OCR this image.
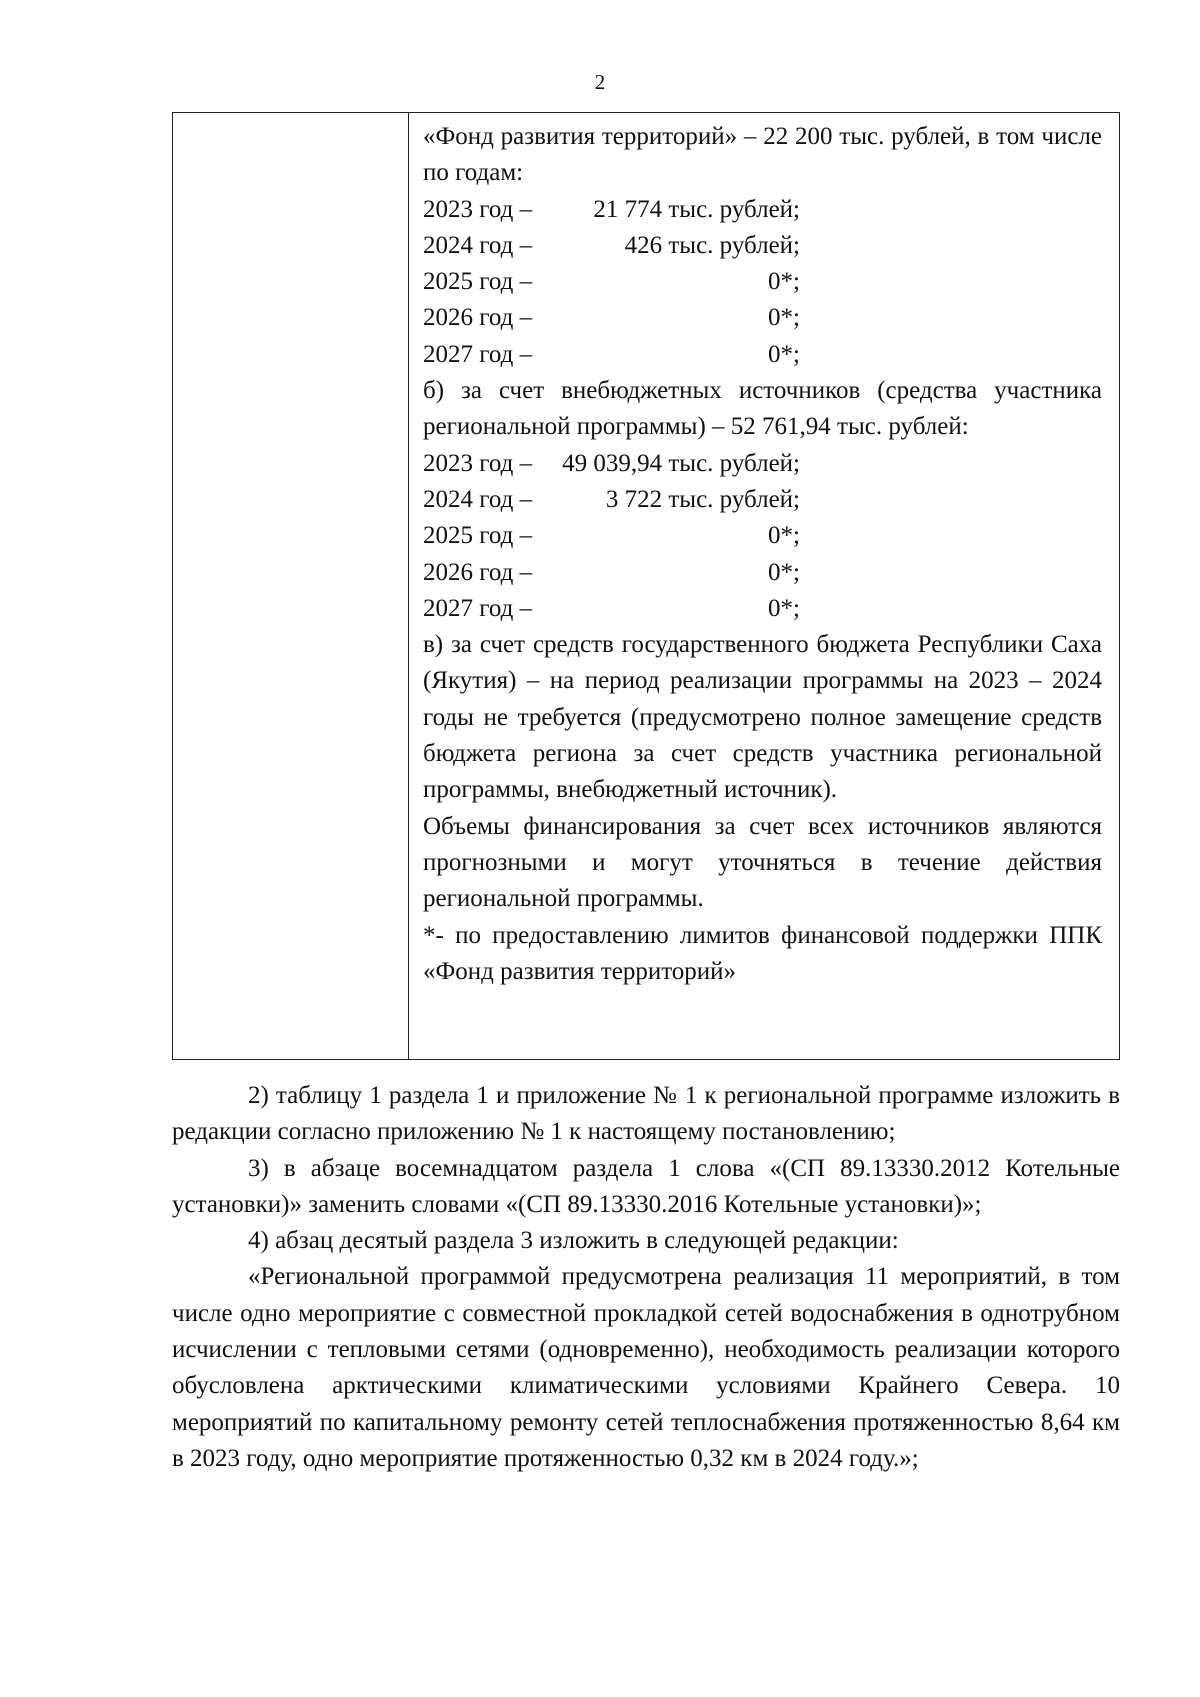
2
«Фонд развития территорий» – 22 200 тыс. рублей, в том числе по годам:
2023 год –	21 774 тыс. рублей;
2024 год –	426 тыс. рублей;
2025 год –	0*;
2026 год –	0*;
2027 год –	0*;
б) за счет внебюджетных источников (средства участника региональной программы) – 52 761,94 тыс. рублей:
2023 год –	49 039,94 тыс. рублей;
2024 год –	3 722 тыс. рублей;
2025 год –	0*;
2026 год –	0*;
2027 год –	0*;
в) за счет средств государственного бюджета Республики Саха (Якутия) – на период реализации программы на 2023 – 2024 годы не требуется (предусмотрено полное замещение средств бюджета региона за счет средств участника региональной программы, внебюджетный источник).
Объемы финансирования за счет всех источников являются прогнозными и могут уточняться в течение действия региональной программы.
*- по предоставлению лимитов финансовой поддержки ППК «Фонд развития территорий»

2) таблицу 1 раздела 1 и приложение № 1 к региональной программе изложить в редакции согласно приложению № 1 к настоящему постановлению;

3) в абзаце восемнадцатом раздела 1 слова «(СП 89.13330.2012 Котельные установки)» заменить словами «(СП 89.13330.2016 Котельные установки)»;

4) абзац десятый раздела 3 изложить в следующей редакции:

«Региональной программой предусмотрена реализация 11 мероприятий, в том числе одно мероприятие с совместной прокладкой сетей водоснабжения в однотрубном исчислении с тепловыми сетями (одновременно), необходимость реализации которого обусловлена арктическими климатическими условиями Крайнего Севера. 10 мероприятий по капитальному ремонту сетей теплоснабжения протяженностью 8,64 км в 2023 году, одно мероприятие протяженностью 0,32 км в 2024 году.»;
